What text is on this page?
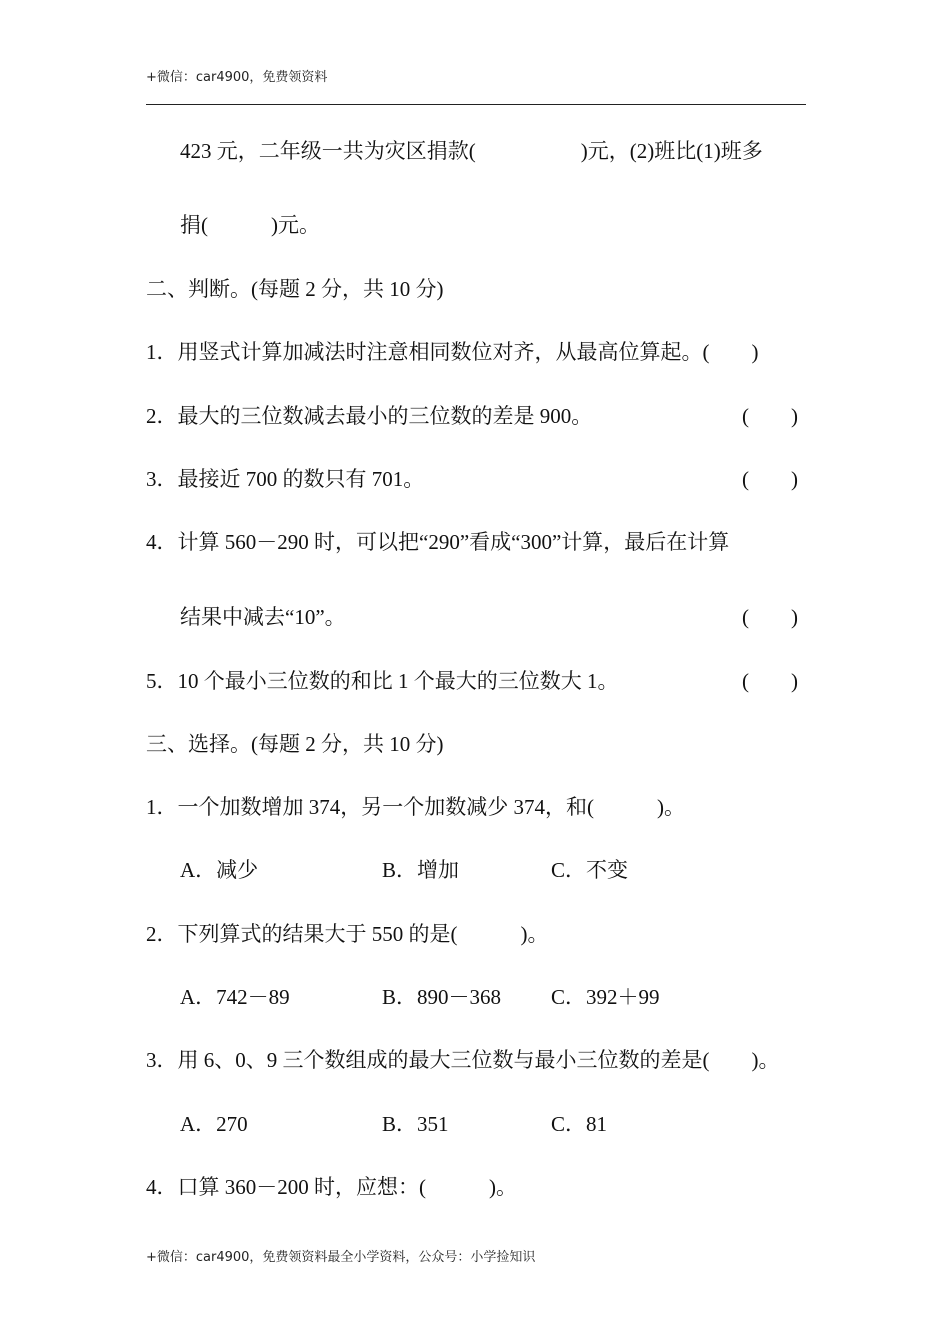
+微信：car4900，免费领资料
423 元，二年级一共为灾区捐款(　　　　　)元，(2)班比(1)班多
捐(　　　)元。
二、判断。(每题 2 分，共 10 分)
1．用竖式计算加减法时注意相同数位对齐，从最高位算起。(　　)
2．最大的三位数减去最小的三位数的差是 900。	(　　)
3．最接近 700 的数只有 701。	(　　)
4．计算 560－290 时，可以把“290”看成“300”计算，最后在计算
结果中减去“10”。	(　　)
5．10 个最小三位数的和比 1 个最大的三位数大 1。	(　　)
三、选择。(每题 2 分，共 10 分)
1．一个加数增加 374，另一个加数减少 374，和(　　　)。
A．减少	B．增加	C．不变
2．下列算式的结果大于 550 的是(　　　)。
A．742－89	B．890－368 C．392＋99
3．用 6、0、9 三个数组成的最大三位数与最小三位数的差是(　　)。
A．270	B．351	C．81
4．口算 360－200 时，应想：(　　　)。
+微信：car4900，免费领资料最全小学资料，公众号：小学捡知识
